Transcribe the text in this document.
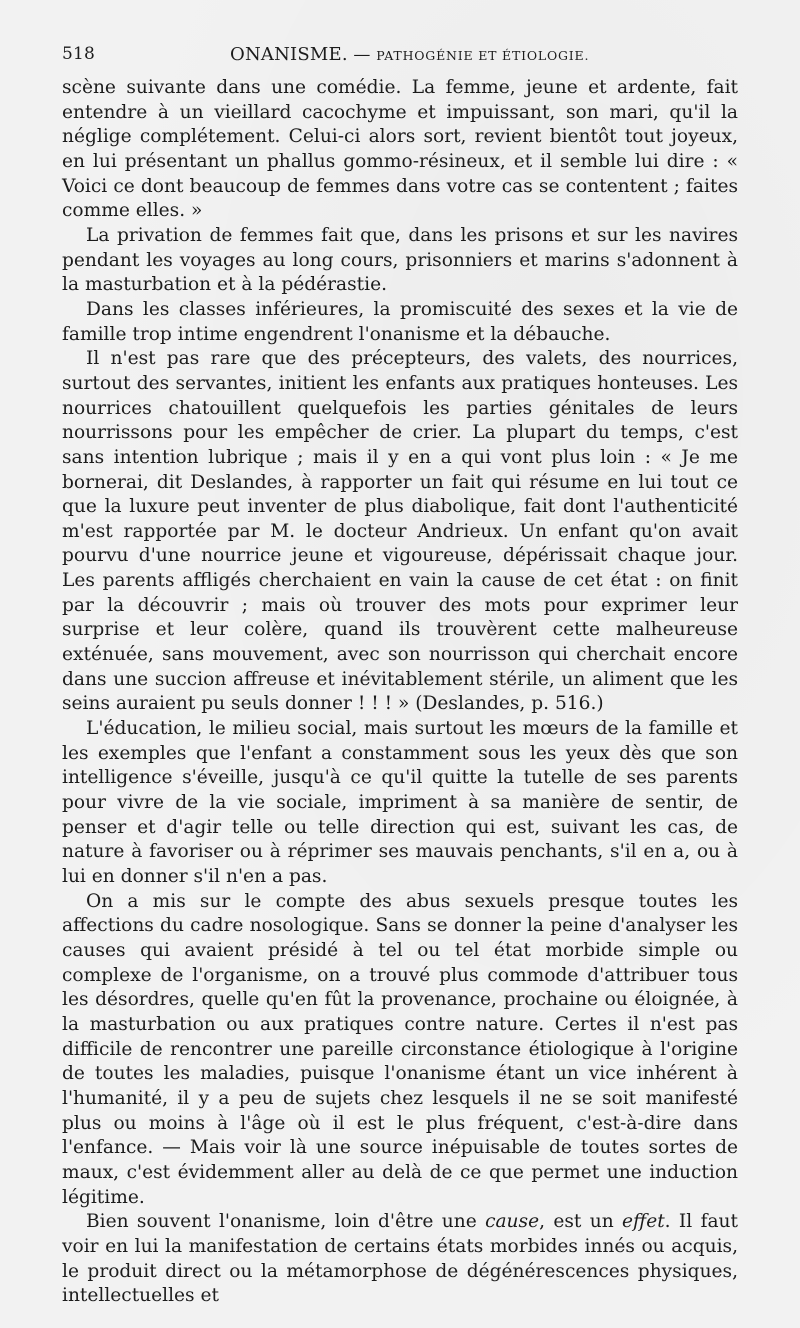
518	ONANISME. — PATHOGÉNIE ET ÉTIOLOGIE.

scène suivante dans une comédie. La femme, jeune et ardente, fait entendre à un vieillard cacochyme et impuissant, son mari, qu'il la néglige complétement. Celui-ci alors sort, revient bientôt tout joyeux, en lui présentant un phallus gommo-résineux, et il semble lui dire : « Voici ce dont beaucoup de femmes dans votre cas se contentent ; faites comme elles. »

La privation de femmes fait que, dans les prisons et sur les navires pendant les voyages au long cours, prisonniers et marins s'adonnent à la masturbation et à la pédérastie.

Dans les classes inférieures, la promiscuité des sexes et la vie de famille trop intime engendrent l'onanisme et la débauche.

Il n'est pas rare que des précepteurs, des valets, des nourrices, surtout des servantes, initient les enfants aux pratiques honteuses. Les nourrices chatouillent quelquefois les parties génitales de leurs nourrissons pour les empêcher de crier. La plupart du temps, c'est sans intention lubrique ; mais il y en a qui vont plus loin : « Je me bornerai, dit Deslandes, à rapporter un fait qui résume en lui tout ce que la luxure peut inventer de plus diabolique, fait dont l'authenticité m'est rapportée par M. le docteur Andrieux. Un enfant qu'on avait pourvu d'une nourrice jeune et vigoureuse, dépérissait chaque jour. Les parents affligés cherchaient en vain la cause de cet état : on finit par la découvrir ; mais où trouver des mots pour exprimer leur surprise et leur colère, quand ils trouvèrent cette malheureuse exténuée, sans mouvement, avec son nourrisson qui cherchait encore dans une succion affreuse et inévitablement stérile, un aliment que les seins auraient pu seuls donner ! ! ! » (Deslandes, p. 516.)

L'éducation, le milieu social, mais surtout les mœurs de la famille et les exemples que l'enfant a constamment sous les yeux dès que son intelligence s'éveille, jusqu'à ce qu'il quitte la tutelle de ses parents pour vivre de la vie sociale, impriment à sa manière de sentir, de penser et d'agir telle ou telle direction qui est, suivant les cas, de nature à favoriser ou à réprimer ses mauvais penchants, s'il en a, ou à lui en donner s'il n'en a pas.

On a mis sur le compte des abus sexuels presque toutes les affections du cadre nosologique. Sans se donner la peine d'analyser les causes qui avaient présidé à tel ou tel état morbide simple ou complexe de l'organisme, on a trouvé plus commode d'attribuer tous les désordres, quelle qu'en fût la provenance, prochaine ou éloignée, à la masturbation ou aux pratiques contre nature. Certes il n'est pas difficile de rencontrer une pareille circonstance étiologique à l'origine de toutes les maladies, puisque l'onanisme étant un vice inhérent à l'humanité, il y a peu de sujets chez lesquels il ne se soit manifesté plus ou moins à l'âge où il est le plus fréquent, c'est-à-dire dans l'enfance. — Mais voir là une source inépuisable de toutes sortes de maux, c'est évidemment aller au delà de ce que permet une induction légitime.

Bien souvent l'onanisme, loin d'être une cause, est un effet. Il faut voir en lui la manifestation de certains états morbides innés ou acquis, le produit direct ou la métamorphose de dégénérescences physiques, intellectuelles et
